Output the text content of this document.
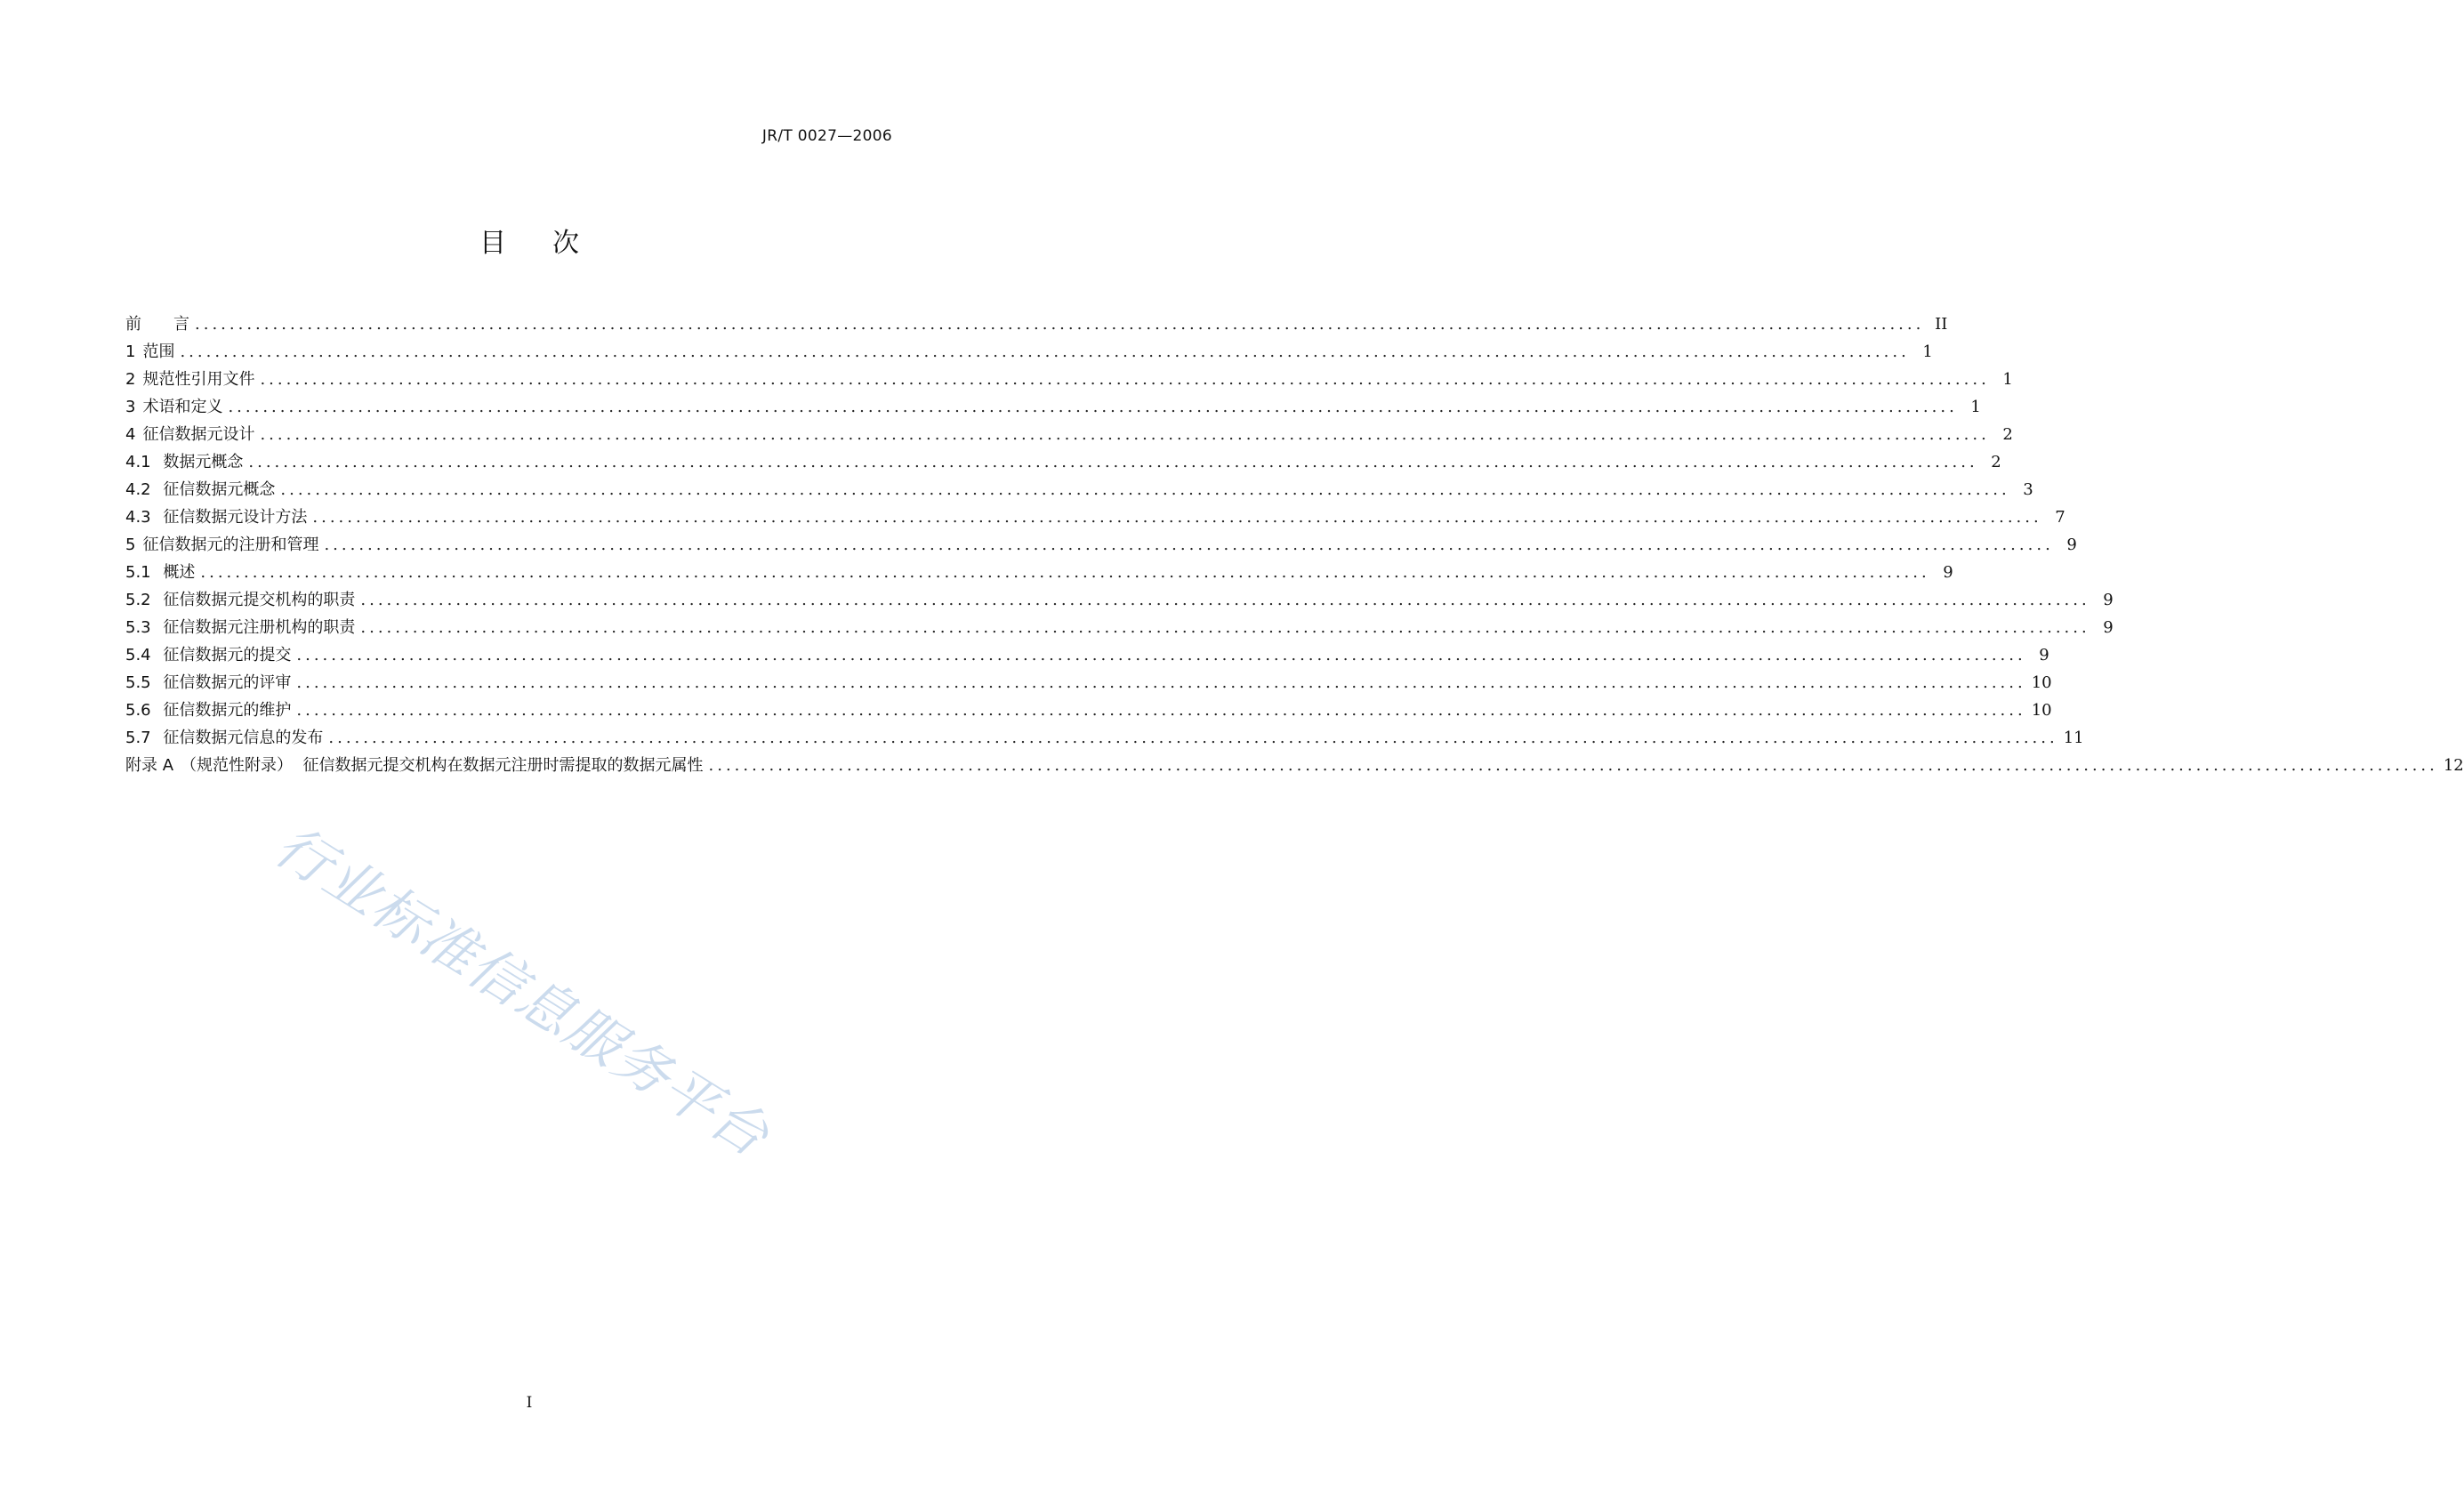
JR/T 0027—2006
目 次
前　　言 ........................................................................................................................................................................................................ II
1 范围 ........................................................................................................................................................................................................ 1
2 规范性引用文件 ........................................................................................................................................................................................................ 1
3 术语和定义 ........................................................................................................................................................................................................ 1
4 征信数据元设计 ........................................................................................................................................................................................................ 2
4.1 数据元概念 ........................................................................................................................................................................................................ 2
4.2 征信数据元概念 ........................................................................................................................................................................................................ 3
4.3 征信数据元设计方法 ........................................................................................................................................................................................................ 7
5 征信数据元的注册和管理 ........................................................................................................................................................................................................ 9
5.1 概述 ........................................................................................................................................................................................................ 9
5.2 征信数据元提交机构的职责 ........................................................................................................................................................................................................ 9
5.3 征信数据元注册机构的职责 ........................................................................................................................................................................................................ 9
5.4 征信数据元的提交 ........................................................................................................................................................................................................ 9
5.5 征信数据元的评审 ........................................................................................................................................................................................................ 10
5.6 征信数据元的维护 ........................................................................................................................................................................................................ 10
5.7 征信数据元信息的发布 ........................................................................................................................................................................................................ 11
附录 A （规范性附录）  征信数据元提交机构在数据元注册时需提取的数据元属性 ........................................................................................................................................................................................................ 12
I
行业标准信息服务平台
